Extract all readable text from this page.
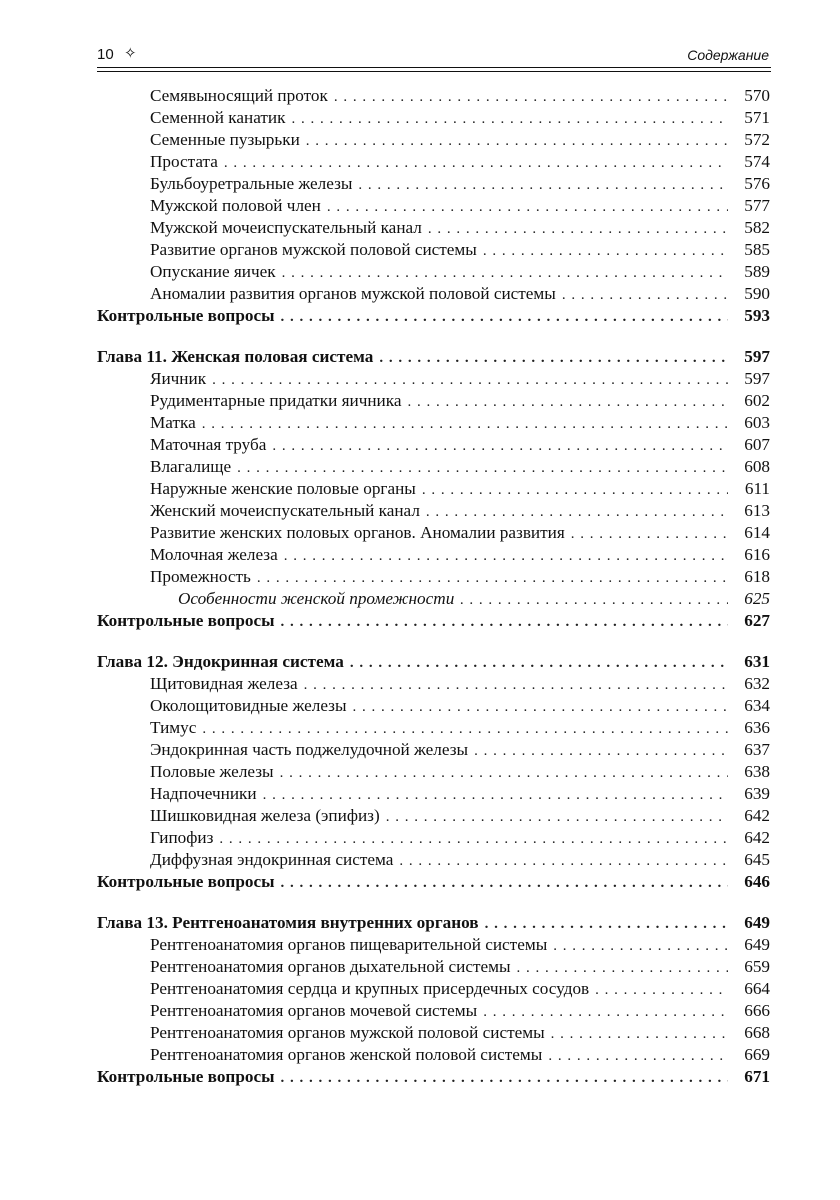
10 ✧	Содержание
Семявыносящий проток . . .	570
Семенной канатик . . .	571
Семенные пузырьки . . .	572
Простата . . .	574
Бульбоуретральные железы . . .	576
Мужской половой член . . .	577
Мужской мочеиспускательный канал . . .	582
Развитие органов мужской половой системы . . .	585
Опускание яичек . . .	589
Аномалии развития органов мужской половой системы . . .	590
Контрольные вопросы . . .	593
Глава 11. Женская половая система . . .	597
Яичник . . .	597
Рудиментарные придатки яичника . . .	602
Матка . . .	603
Маточная труба . . .	607
Влагалище . . .	608
Наружные женские половые органы . . .	611
Женский мочеиспускательный канал . . .	613
Развитие женских половых органов. Аномалии развития . . .	614
Молочная железа . . .	616
Промежность . . .	618
Особенности женской промежности . . .	625
Контрольные вопросы . . .	627
Глава 12. Эндокринная система . . .	631
Щитовидная железа . . .	632
Околощитовидные железы . . .	634
Тимус . . .	636
Эндокринная часть поджелудочной железы . . .	637
Половые железы . . .	638
Надпочечники . . .	639
Шишковидная железа (эпифиз) . . .	642
Гипофиз . . .	642
Диффузная эндокринная система . . .	645
Контрольные вопросы . . .	646
Глава 13. Рентгеноанатомия внутренних органов . . .	649
Рентгеноанатомия органов пищеварительной системы . . .	649
Рентгеноанатомия органов дыхательной системы . . .	659
Рентгеноанатомия сердца и крупных присердечных сосудов . . .	664
Рентгеноанатомия органов мочевой системы . . .	666
Рентгеноанатомия органов мужской половой системы . . .	668
Рентгеноанатомия органов женской половой системы . . .	669
Контрольные вопросы . . .	671
